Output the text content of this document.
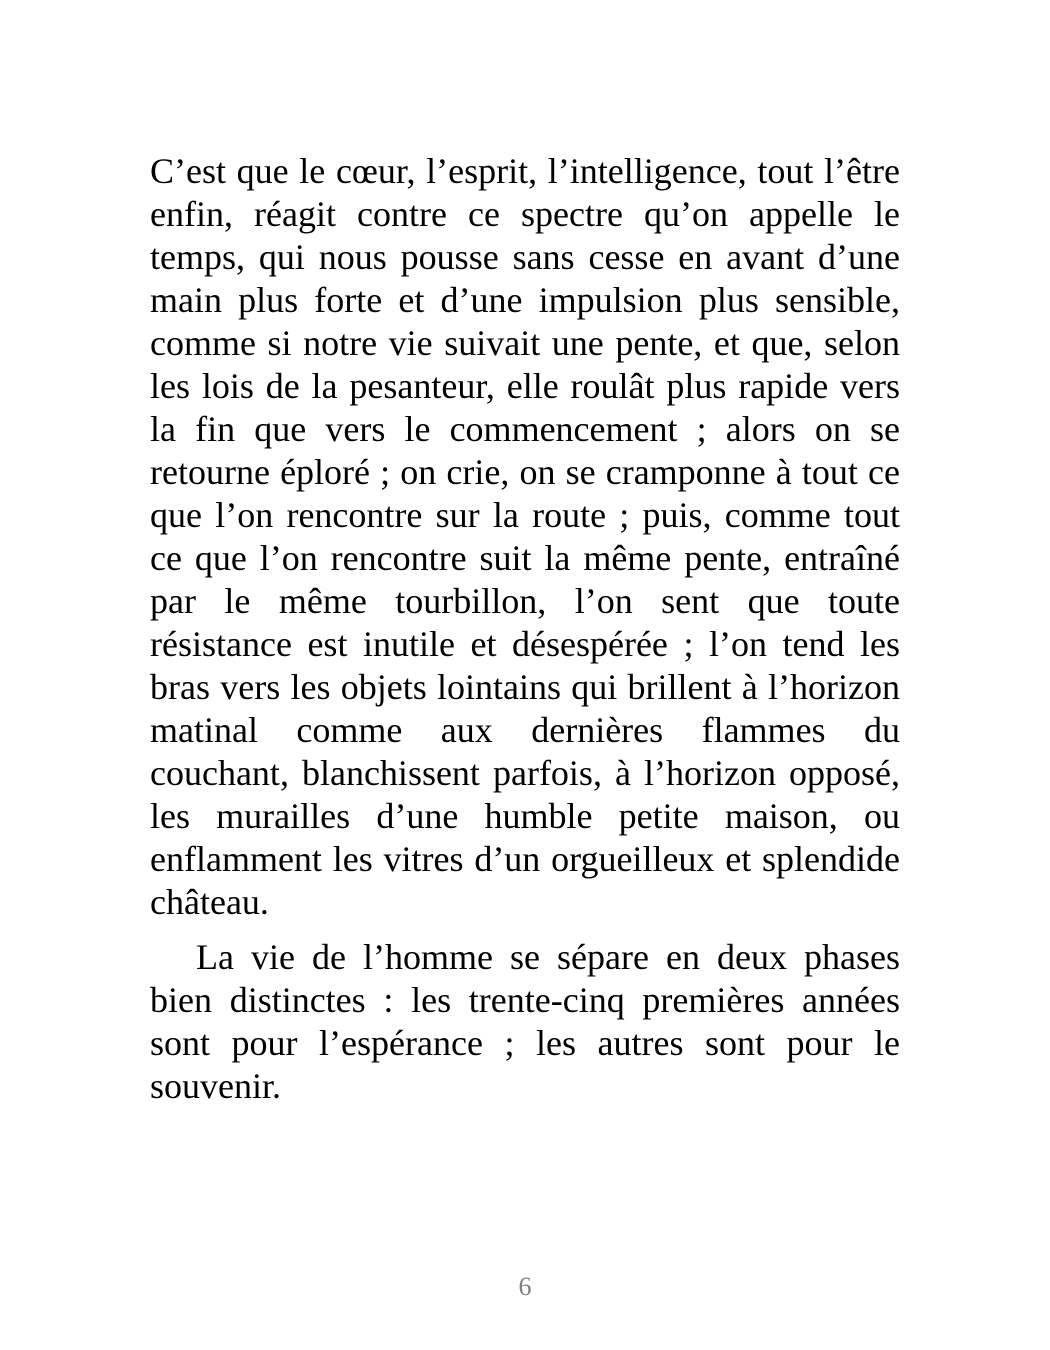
C’est que le cœur, l’esprit, l’intelligence, tout l’être enfin, réagit contre ce spectre qu’on appelle le temps, qui nous pousse sans cesse en avant d’une main plus forte et d’une impulsion plus sensible, comme si notre vie suivait une pente, et que, selon les lois de la pesanteur, elle roulât plus rapide vers la fin que vers le commencement ; alors on se retourne éploré ; on crie, on se cramponne à tout ce que l’on rencontre sur la route ; puis, comme tout ce que l’on rencontre suit la même pente, entraîné par le même tourbillon, l’on sent que toute résistance est inutile et désespérée ; l’on tend les bras vers les objets lointains qui brillent à l’horizon matinal comme aux dernières flammes du couchant, blanchissent parfois, à l’horizon opposé, les murailles d’une humble petite maison, ou enflamment les vitres d’un orgueilleux et splendide château.

La vie de l’homme se sépare en deux phases bien distinctes : les trente-cinq premières années sont pour l’espérance ; les autres sont pour le souvenir.

6
